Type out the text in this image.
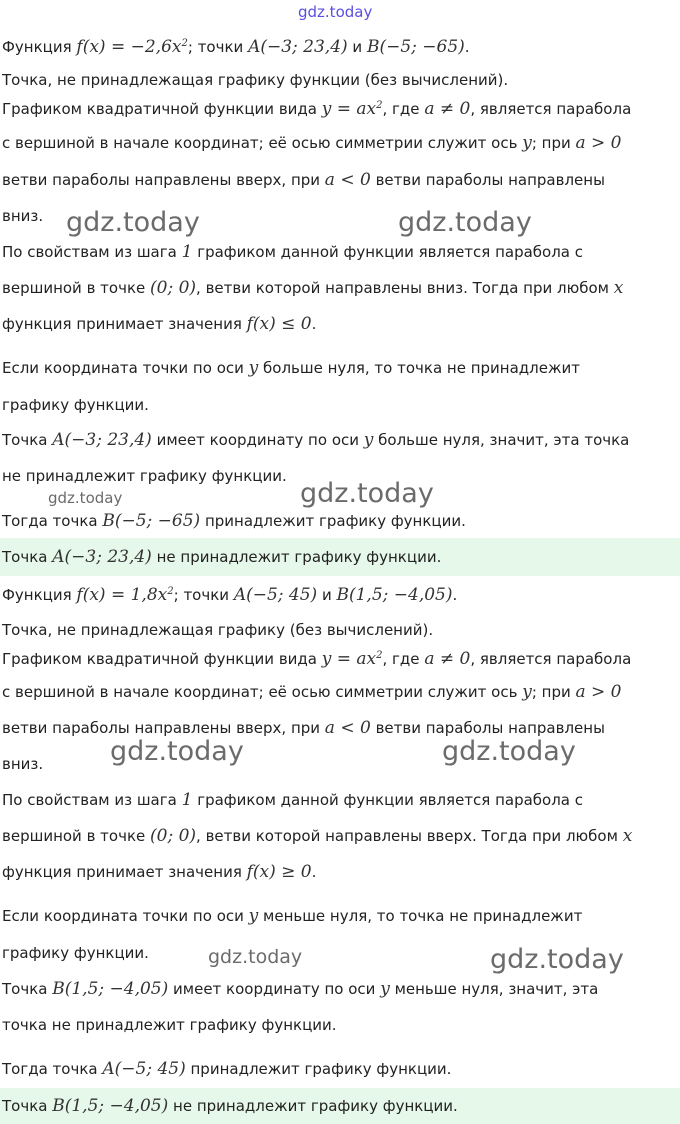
gdz.today
gdz.today	gdz.today
gdz.today	gdz.today
gdz.today	gdz.today
gdz.today	gdz.today
Функция $f(x) = -2,6x^2$; точки A(−3; 23,4) и B(−5; −65).
Точка, не принадлежащая графику функции (без вычислений).
Графиком квадратичной функции вида $y = ax^2$, где a ≠ 0, является парабола
с вершиной в начале координат; её осью симметрии служит ось y; при a > 0
ветви параболы направлены вверх, при a < 0 ветви параболы направлены
вниз.
По свойствам из шага 1 графиком данной функции является парабола с
вершиной в точке (0; 0), ветви которой направлены вниз. Тогда при любом x
функция принимает значения f(x) ≤ 0.
Если координата точки по оси y больше нуля, то точка не принадлежит
графику функции.
Точка A(−3; 23,4) имеет координату по оси y больше нуля, значит, эта точка
не принадлежит графику функции.
Тогда точка B(−5; −65) принадлежит графику функции.
Точка A(−3; 23,4) не принадлежит графику функции.
Функция $f(x) = 1,8x^2$; точки A(−5; 45) и B(1,5; −4,05).
Точка, не принадлежащая графику (без вычислений).
Графиком квадратичной функции вида $y = ax^2$, где a ≠ 0, является парабола
с вершиной в начале координат; её осью симметрии служит ось y; при a > 0
ветви параболы направлены вверх, при a < 0 ветви параболы направлены
вниз.
По свойствам из шага 1 графиком данной функции является парабола с
вершиной в точке (0; 0), ветви которой направлены вверх. Тогда при любом x
функция принимает значения f(x) ≥ 0.
Если координата точки по оси y меньше нуля, то точка не принадлежит
графику функции.
Точка B(1,5; −4,05) имеет координату по оси y меньше нуля, значит, эта
точка не принадлежит графику функции.
Тогда точка A(−5; 45) принадлежит графику функции.
Точка B(1,5; −4,05) не принадлежит графику функции.
